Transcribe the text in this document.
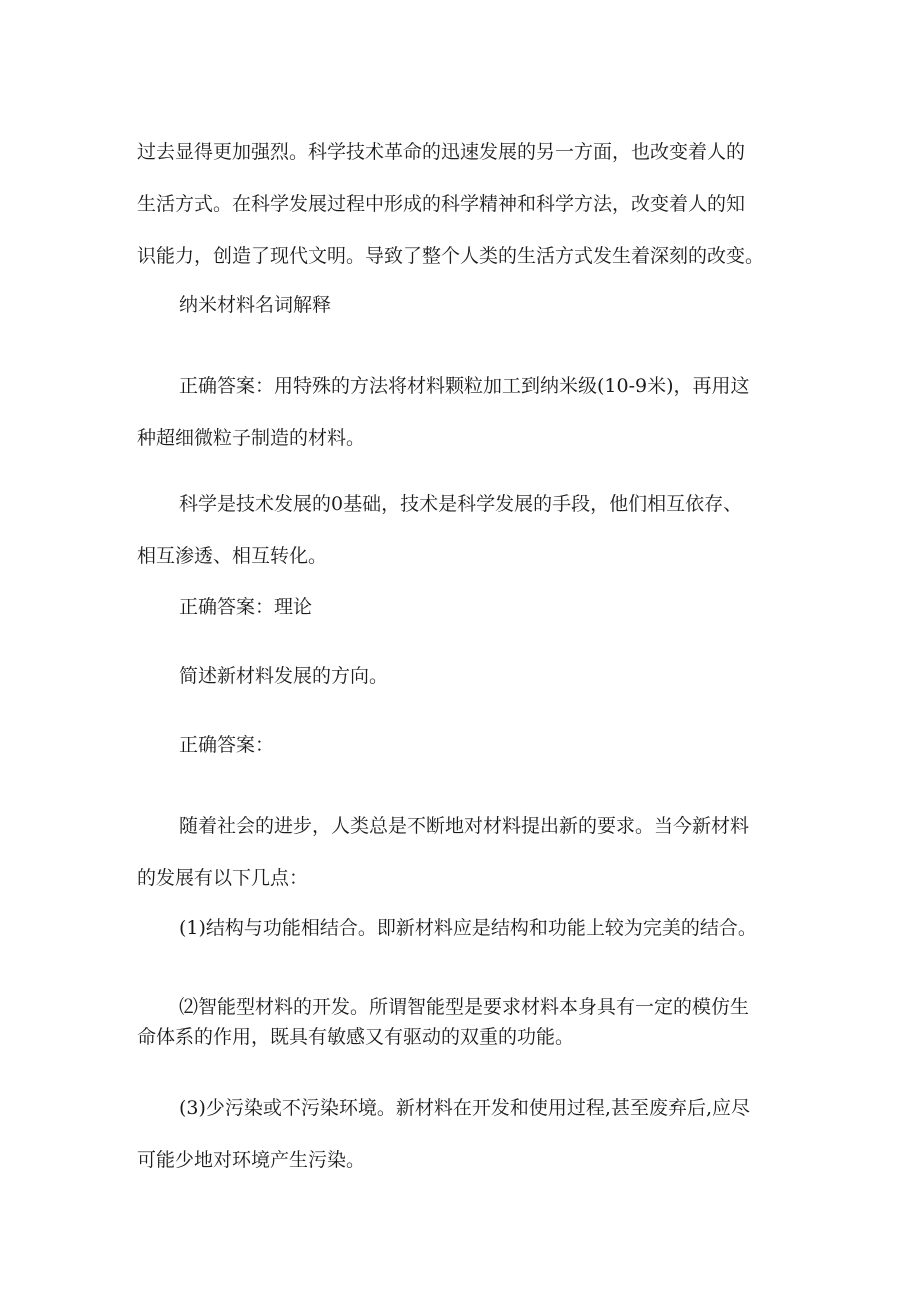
过去显得更加强烈。科学技术革命的迅速发展的另一方面，也改变着人的
生活方式。在科学发展过程中形成的科学精神和科学方法，改变着人的知
识能力，创造了现代文明。导致了整个人类的生活方式发生着深刻的改变。
纳米材料名词解释
正确答案：用特殊的方法将材料颗粒加工到纳米级(10-9米)，再用这
种超细微粒子制造的材料。
科学是技术发展的0基础，技术是科学发展的手段，他们相互依存、
相互渗透、相互转化。
正确答案：理论
简述新材料发展的方向。
正确答案：
随着社会的进步，人类总是不断地对材料提出新的要求。当今新材料
的发展有以下几点：
(1)结构与功能相结合。即新材料应是结构和功能上较为完美的结合。
⑵智能型材料的开发。所谓智能型是要求材料本身具有一定的模仿生
命体系的作用，既具有敏感又有驱动的双重的功能。
(3)少污染或不污染环境。新材料在开发和使用过程,甚至废弃后,应尽
可能少地对环境产生污染。
